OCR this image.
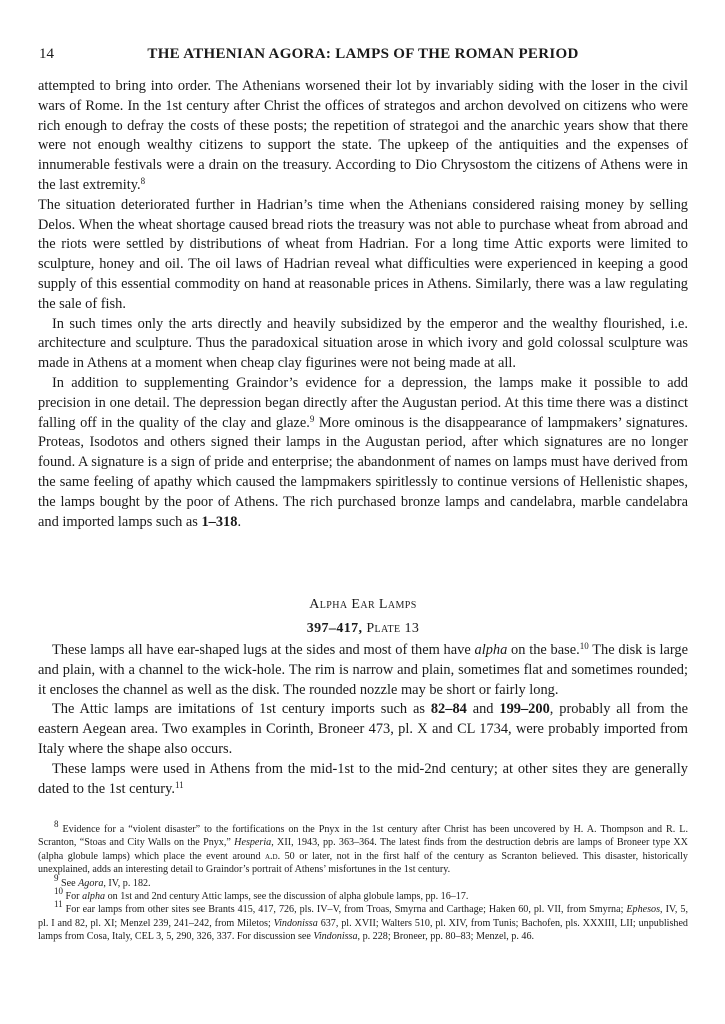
14	THE ATHENIAN AGORA: LAMPS OF THE ROMAN PERIOD

attempted to bring into order. The Athenians worsened their lot by invariably siding with the loser in the civil wars of Rome. In the 1st century after Christ the offices of strategos and archon devolved on citizens who were rich enough to defray the costs of these posts; the repetition of strategoi and the anarchic years show that there were not enough wealthy citizens to support the state. The upkeep of the antiquities and the expenses of innumerable festivals were a drain on the treasury. According to Dio Chrysostom the citizens of Athens were in the last extremity.$^8$
The situation deteriorated further in Hadrian’s time when the Athenians considered raising money by selling Delos. When the wheat shortage caused bread riots the treasury was not able to purchase wheat from abroad and the riots were settled by distributions of wheat from Hadrian. For a long time Attic exports were limited to sculpture, honey and oil. The oil laws of Hadrian reveal what difficulties were experienced in keeping a good supply of this essential commodity on hand at reasonable prices in Athens. Similarly, there was a law regulating the sale of fish.

In such times only the arts directly and heavily subsidized by the emperor and the wealthy flourished, i.e. architecture and sculpture. Thus the paradoxical situation arose in which ivory and gold colossal sculpture was made in Athens at a moment when cheap clay figurines were not being made at all.

In addition to supplementing Graindor’s evidence for a depression, the lamps make it possible to add precision in one detail. The depression began directly after the Augustan period. At this time there was a distinct falling off in the quality of the clay and glaze.$^9$ More ominous is the disappearance of lampmakers’ signatures. Proteas, Isodotos and others signed their lamps in the Augustan period, after which signatures are no longer found. A signature is a sign of pride and enterprise; the abandonment of names on lamps must have derived from the same feeling of apathy which caused the lampmakers spiritlessly to continue versions of Hellenistic shapes, the lamps bought by the poor of Athens. The rich purchased bronze lamps and candelabra, marble candelabra and imported lamps such as 1–318.

Alpha Ear Lamps
397–417, Plate 13

These lamps all have ear-shaped lugs at the sides and most of them have alpha on the base.$^{10}$ The disk is large and plain, with a channel to the wick-hole. The rim is narrow and plain, sometimes flat and sometimes rounded; it encloses the channel as well as the disk. The rounded nozzle may be short or fairly long.

The Attic lamps are imitations of 1st century imports such as 82–84 and 199–200, probably all from the eastern Aegean area. Two examples in Corinth, Broneer 473, pl. X and CL 1734, were probably imported from Italy where the shape also occurs.

These lamps were used in Athens from the mid-1st to the mid-2nd century; at other sites they are generally dated to the 1st century.$^{11}$

$^8$ Evidence for a “violent disaster” to the fortifications on the Pnyx in the 1st century after Christ has been uncovered by H. A. Thompson and R. L. Scranton, “Stoas and City Walls on the Pnyx,” Hesperia, XII, 1943, pp. 363–364. The latest finds from the destruction debris are lamps of Broneer type XX (alpha globule lamps) which place the event around a.d. 50 or later, not in the first half of the century as Scranton believed. This disaster, historically unexplained, adds an interesting detail to Graindor’s portrait of Athens’ misfortunes in the 1st century.

$^9$ See Agora, IV, p. 182.

$^{10}$ For alpha on 1st and 2nd century Attic lamps, see the discussion of alpha globule lamps, pp. 16–17.

$^{11}$ For ear lamps from other sites see Brants 415, 417, 726, pls. IV–V, from Troas, Smyrna and Carthage; Haken 60, pl. VII, from Smyrna; Ephesos, IV, 5, pl. I and 82, pl. XI; Menzel 239, 241–242, from Miletos; Vindonissa 637, pl. XVII; Walters 510, pl. XIV, from Tunis; Bachofen, pls. XXXIII, LII; unpublished lamps from Cosa, Italy, CEL 3, 5, 290, 326, 337. For discussion see Vindonissa, p. 228; Broneer, pp. 80–83; Menzel, p. 46.
